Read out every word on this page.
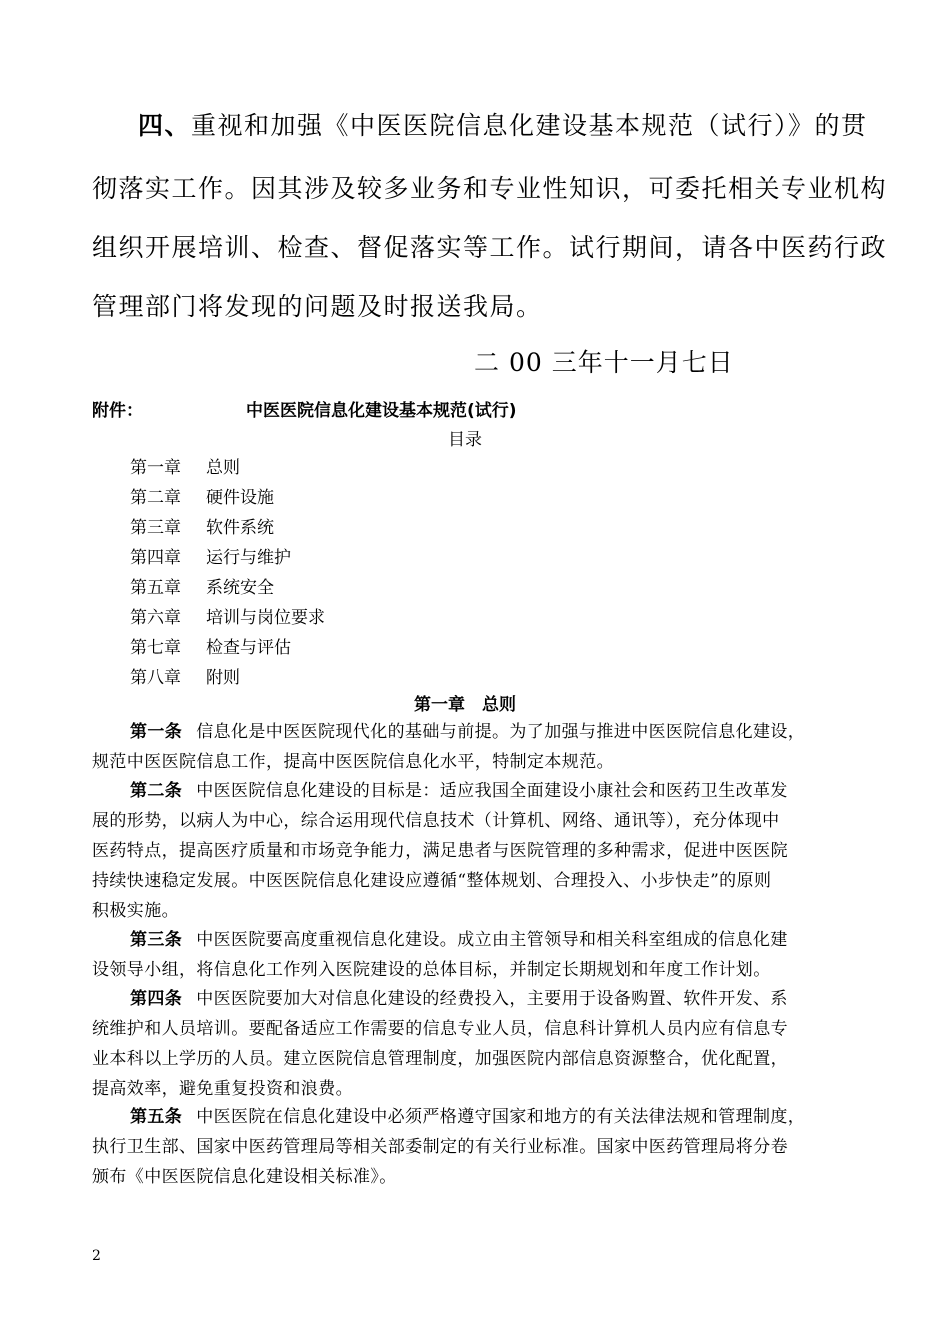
四、重视和加强《中医医院信息化建设基本规范（试行）》的贯
彻落实工作。因其涉及较多业务和专业性知识，可委托相关专业机构
组织开展培训、检查、督促落实等工作。试行期间，请各中医药行政
管理部门将发现的问题及时报送我局。
二 00 三年十一月七日
附件：	中医医院信息化建设基本规范(试行)
目录
第一章 总则
第二章 硬件设施
第三章 软件系统
第四章 运行与维护
第五章 系统安全
第六章 培训与岗位要求
第七章 检查与评估
第八章 附则
第一章　总则
第一条 信息化是中医医院现代化的基础与前提。为了加强与推进中医医院信息化建设，
规范中医医院信息工作，提高中医医院信息化水平，特制定本规范。
第二条 中医医院信息化建设的目标是：适应我国全面建设小康社会和医药卫生改革发
展的形势，以病人为中心，综合运用现代信息技术（计算机、网络、通讯等），充分体现中
医药特点，提高医疗质量和市场竞争能力，满足患者与医院管理的多种需求，促进中医医院
持续快速稳定发展。中医医院信息化建设应遵循“整体规划、合理投入、小步快走”的原则
积极实施。
第三条 中医医院要高度重视信息化建设。成立由主管领导和相关科室组成的信息化建
设领导小组，将信息化工作列入医院建设的总体目标，并制定长期规划和年度工作计划。
第四条 中医医院要加大对信息化建设的经费投入，主要用于设备购置、软件开发、系
统维护和人员培训。要配备适应工作需要的信息专业人员，信息科计算机人员内应有信息专
业本科以上学历的人员。建立医院信息管理制度，加强医院内部信息资源整合，优化配置，
提高效率，避免重复投资和浪费。
第五条 中医医院在信息化建设中必须严格遵守国家和地方的有关法律法规和管理制度，
执行卫生部、国家中医药管理局等相关部委制定的有关行业标准。国家中医药管理局将分卷
颁布《中医医院信息化建设相关标准》。
2
